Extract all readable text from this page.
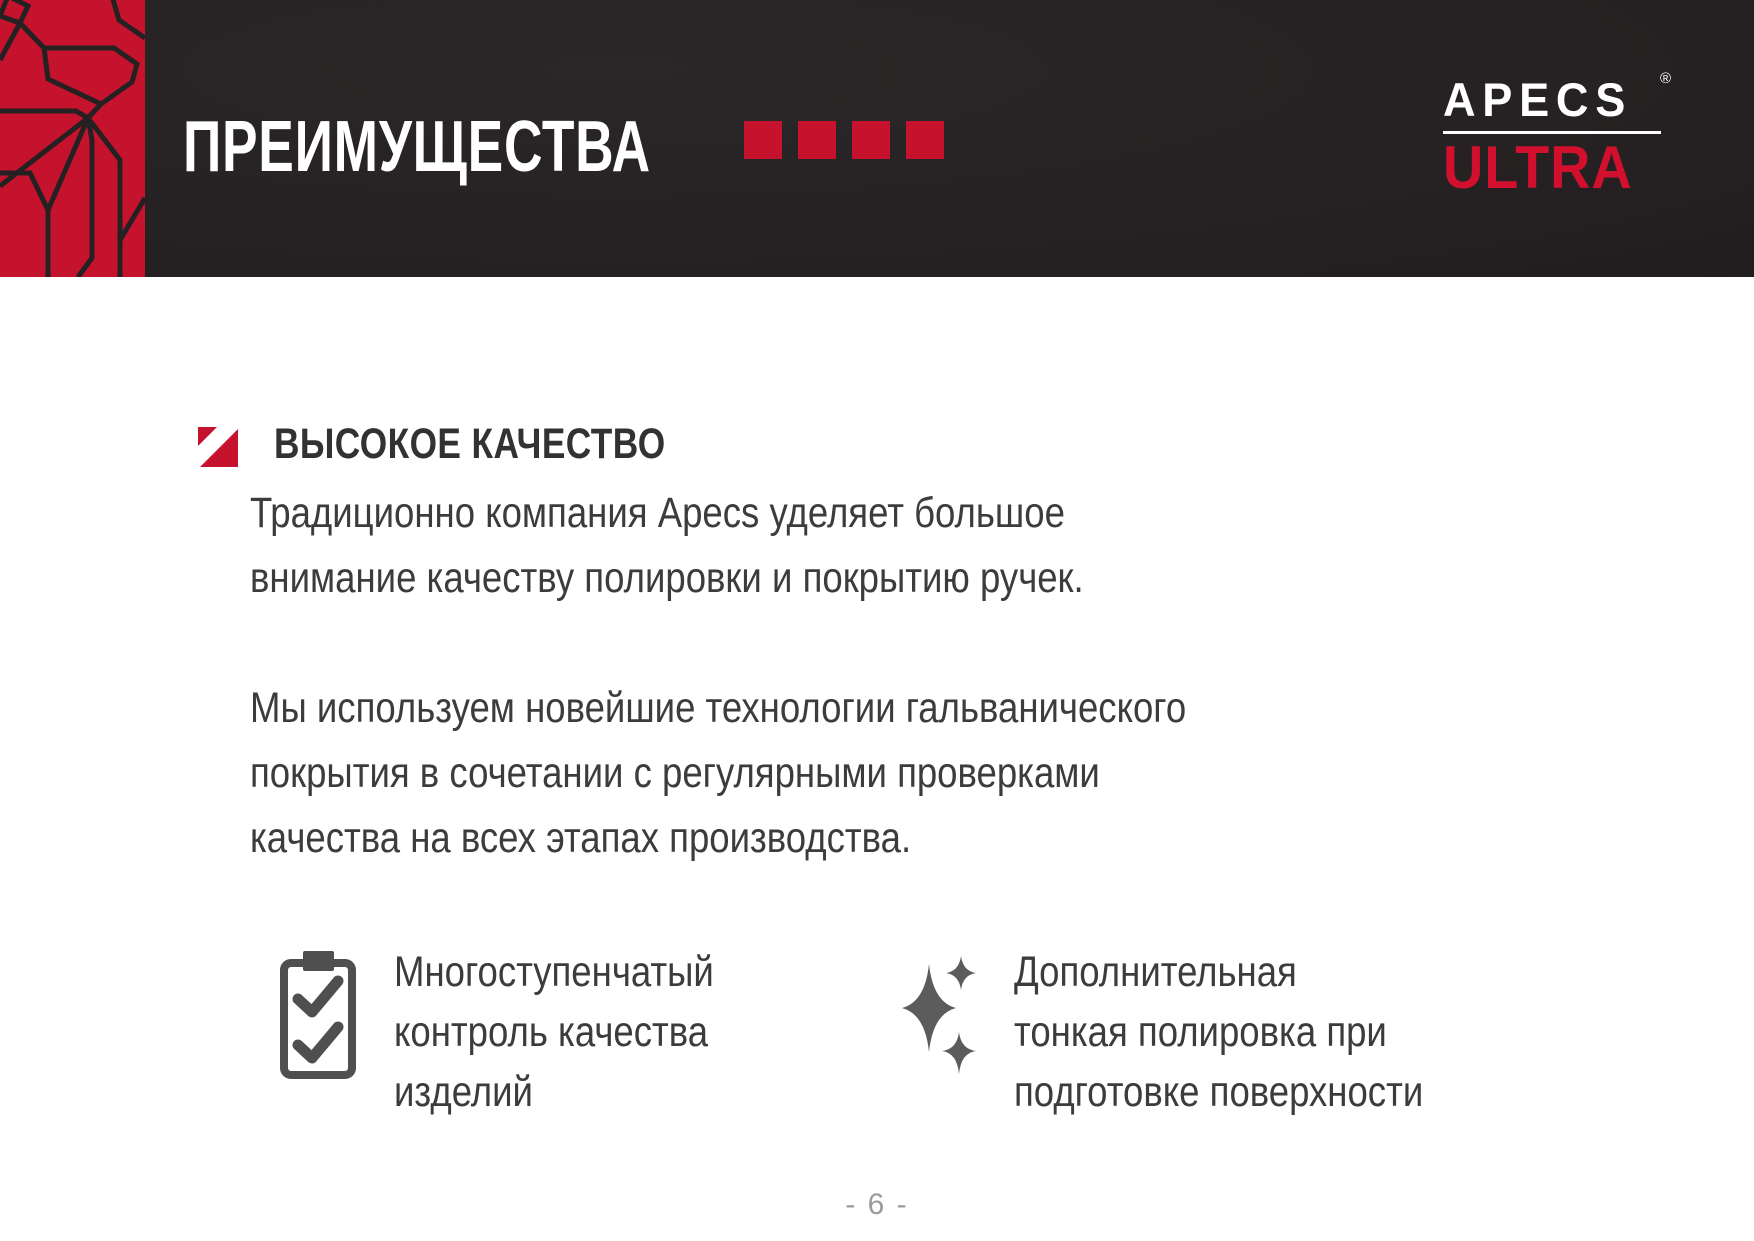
ПРЕИМУЩЕСТВА
APECS ®
ULTRA
ВЫСОКОЕ КАЧЕСТВО
Традиционно компания Apecs уделяет большое
внимание качеству полировки и покрытию ручек.
Мы используем новейшие технологии гальванического
покрытия в сочетании с регулярными проверками
качества на всех этапах производства.
Многоступенчатый
контроль качества
изделий
Дополнительная
тонкая полировка при
подготовке поверхности
- 6 -
